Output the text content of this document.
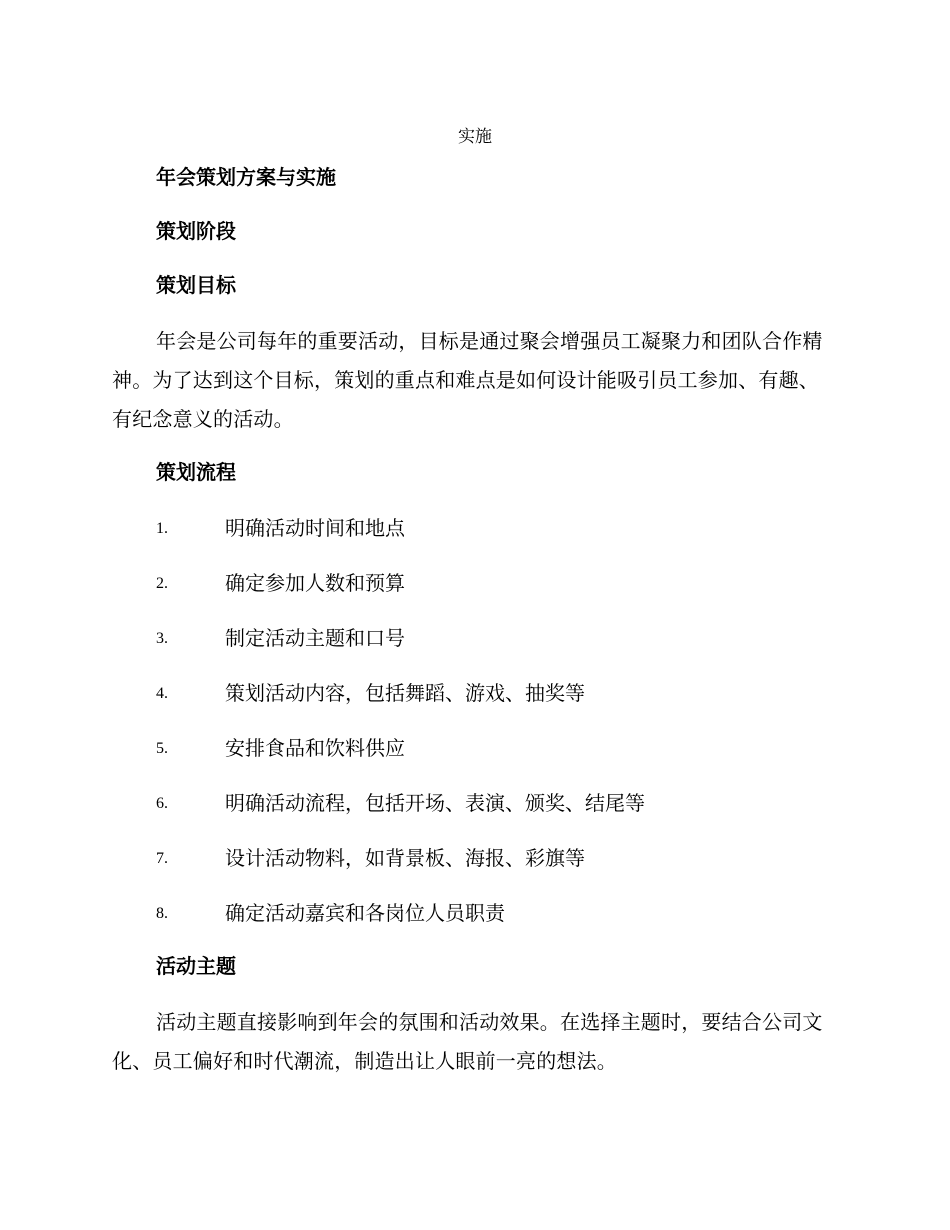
实施
年会策划方案与实施
策划阶段
策划目标

年会是公司每年的重要活动，目标是通过聚会增强员工凝聚力和团队合作精神。为了达到这个目标，策划的重点和难点是如何设计能吸引员工参加、有趣、有纪念意义的活动。

策划流程
1.	明确活动时间和地点
2.	确定参加人数和预算
3.	制定活动主题和口号
4.	策划活动内容，包括舞蹈、游戏、抽奖等
5.	安排食品和饮料供应
6.	明确活动流程，包括开场、表演、颁奖、结尾等
7.	设计活动物料，如背景板、海报、彩旗等
8.	确定活动嘉宾和各岗位人员职责
活动主题

活动主题直接影响到年会的氛围和活动效果。在选择主题时，要结合公司文化、员工偏好和时代潮流，制造出让人眼前一亮的想法。
